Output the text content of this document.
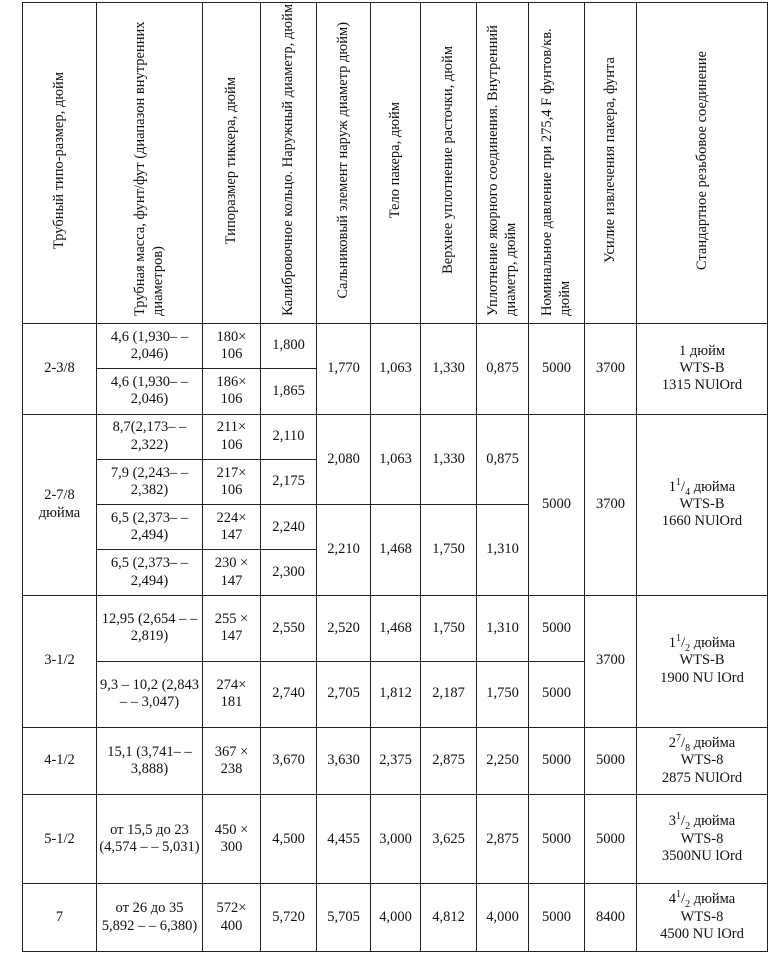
Трубный типо-размер, дюйм	Трубная масса, фунт/фут (диапазон внутренних диаметров)	Типоразмер тиккера, дюйм	Калибровочное кольцо. Наружный диаметр, дюйм	Сальниковый элемент наруж диаметр дюйм)	Тело пакера, дюйм	Верхнее уплотнение расточки, дюйм	Уплотнение якорного соединения. Внутренний диаметр, дюйм	Номинальное давление при 275,4 F фунтов/кв. дюйм	Усилие извлечения пакера, фунта	Стандартное резьбовое соединение
2-3/8	4,6 (1,930– – 2,046)	180× 106	1,800	1,770	1,063	1,330	0,875	5000	3700	1 дюйм
WTS-B
1315 NUlOrd
	4,6 (1,930– – 2,046)	186× 106	1,865							
2-7/8 дюйма	8,7(2,173– – 2,322)	211× 106	2,110	2,080	1,063	1,330	0,875	5000	3700	$1^1/_4$ дюйма
WTS-B
1660 NUlOrd
	7,9 (2,243– – 2,382)	217× 106	2,175							
	6,5 (2,373– – 2,494)	224× 147	2,240	2,210	1,468	1,750	1,310			
	6,5 (2,373– – 2,494)	230 × 147	2,300							
3-1/2	12,95 (2,654 – – 2,819)	255 × 147	2,550	2,520	1,468	1,750	1,310	5000	3700	$1^1/_2$ дюйма
WTS-B
1900 NU lOrd
	9,3 – 10,2 (2,843 – – 3,047)	274× 181	2,740	2,705	1,812	2,187	1,750	5000		
4-1/2	15,1 (3,741– – 3,888)	367 × 238	3,670	3,630	2,375	2,875	2,250	5000	5000	$2^7/_8$ дюйма
WTS-8
2875 NUlOrd
5-1/2	от 15,5 до 23 (4,574 – – 5,031)	450 × 300	4,500	4,455	3,000	3,625	2,875	5000	5000	$3^1/_2$ дюйма
WTS-8
3500NU lOrd
7	от 26 до 35 5,892 – – 6,380)	572× 400	5,720	5,705	4,000	4,812	4,000	5000	8400	$4^1/_2$ дюйма
WTS-8
4500 NU lOrd
